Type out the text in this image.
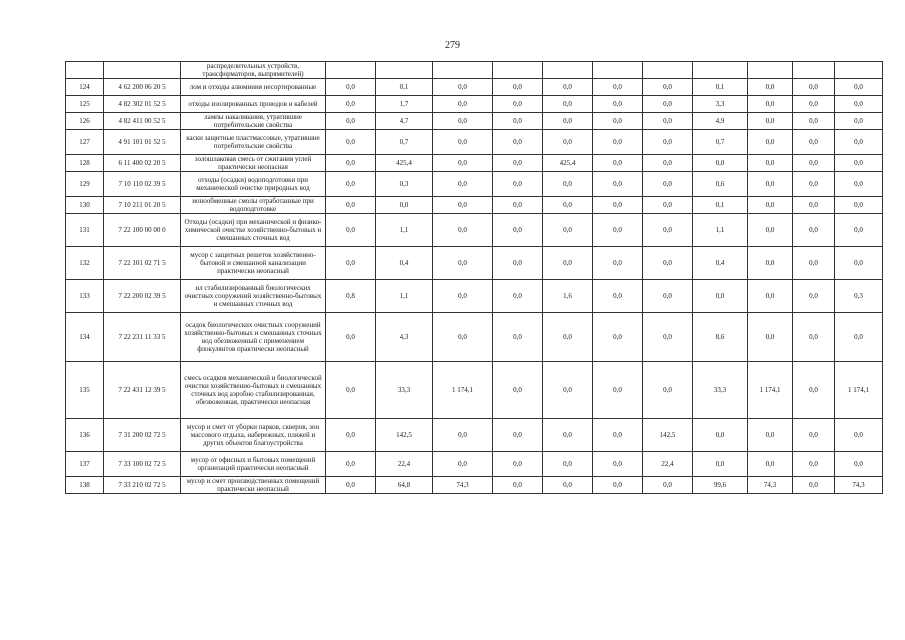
279
		распределительных устройств, трансформаторов, выпрямителей)											
124	4 62 200 06 20 5	лом и отходы алюминия несортированные	0,0	0,1	0,0	0,0	0,0	0,0	0,0	0,1	0,0	0,0	0,0
125	4 82 302 01 52 5	отходы изолированных проводов и кабелей	0,0	1,7	0,0	0,0	0,0	0,0	0,0	3,3	0,0	0,0	0,0
126	4 82 411 00 52 5	лампы накаливания, утратившие потребительские свойства	0,0	4,7	0,0	0,0	0,0	0,0	0,0	4,9	0,0	0,0	0,0
127	4 91 101 01 52 5	каски защитные пластмассовые, утратившие потребительские свойства	0,0	0,7	0,0	0,0	0,0	0,0	0,0	0,7	0,0	0,0	0,0
128	6 11 400 02 20 5	золошлаковая смесь от сжигания углей практически неопасная	0,0	425,4	0,0	0,0	425,4	0,0	0,0	0,0	0,0	0,0	0,0
129	7 10 110 02 39 5	отходы (осадки) водоподготовки при механической очистке природных вод	0,0	0,3	0,0	0,0	0,0	0,0	0,0	0,6	0,0	0,0	0,0
130	7 10 211 01 20 5	ионообменные смолы отработанные при водоподготовке	0,0	0,0	0,0	0,0	0,0	0,0	0,0	0,1	0,0	0,0	0,0
131	7 22 100 00 00 0	Отходы (осадки) при механической и физико-химической очистке хозяйственно-бытовых и смешанных сточных вод	0,0	1,1	0,0	0,0	0,0	0,0	0,0	1,1	0,0	0,0	0,0
132	7 22 101 02 71 5	мусор с защитных решеток хозяйственно-бытовой и смешанной канализации практически неопасный	0,0	0,4	0,0	0,0	0,0	0,0	0,0	0,4	0,0	0,0	0,0
133	7 22 200 02 39 5	ил стабилизированный биологических очистных сооружений хозяйственно-бытовых и смешанных сточных вод	0,8	1,1	0,0	0,0	1,6	0,0	0,0	0,0	0,0	0,0	0,3
134	7 22 231 11 33 5	осадок биологических очистных сооружений хозяйственно-бытовых и смешанных сточных вод обезвоженный с применением флокулянтов практически неопасный	0,0	4,3	0,0	0,0	0,0	0,0	0,0	8,6	0,0	0,0	0,0
135	7 22 431 12 39 5	смесь осадков механической и биологической очистки хозяйственно-бытовых и смешанных сточных вод аэробно стабилизированная, обезвоженная, практически неопасная	0,0	33,3	1 174,1	0,0	0,0	0,0	0,0	33,3	1 174,1	0,0	1 174,1
136	7 31 200 02 72 5	мусор и смет от уборки парков, скверов, зон массового отдыха, набережных, пляжей и других объектов благоустройства	0,0	142,5	0,0	0,0	0,0	0,0	142,5	0,0	0,0	0,0	0,0
137	7 33 100 02 72 5	мусор от офисных и бытовых помещений организаций практически неопасный	0,0	22,4	0,0	0,0	0,0	0,0	22,4	0,0	0,0	0,0	0,0
138	7 33 210 02 72 5	мусор и смет производственных помещений практически неопасный	0,0	64,8	74,3	0,0	0,0	0,0	0,0	99,6	74,3	0,0	74,3
